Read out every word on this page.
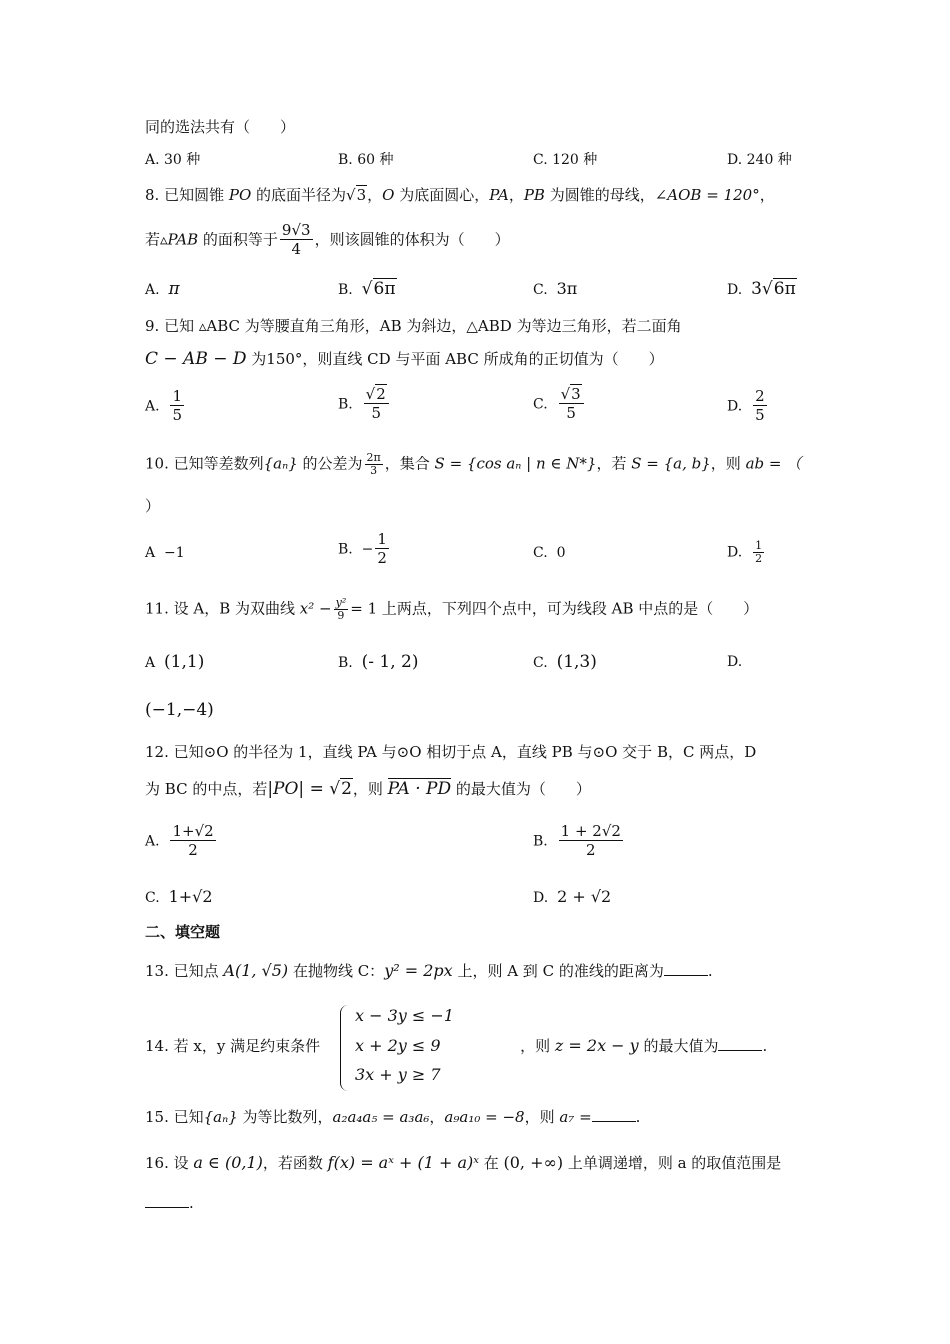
同的选法共有（　　）
A. 30 种	B. 60 种	C. 120 种	D. 240 种
8. 已知圆锥 PO 的底面半径为√3，O 为底面圆心，PA，PB 为圆锥的母线，∠AOB = 120°，
若▵PAB 的面积等于 $\frac{9√3}{4}$ ，则该圆锥的体积为（　　）
A. π	B. √6π	C. 3π	D. 3√6π
9. 已知 ▵ABC 为等腰直角三角形，AB 为斜边，△ABD 为等边三角形，若二面角
C − AB − D 为150°，则直线 CD 与平面 ABC 所成角的正切值为（　　）
A. $\frac{1}{5}$	B. $\frac{√2}{5}$	C. $\frac{√3}{5}$	D. $\frac{2}{5}$
10. 已知等差数列{aₙ} 的公差为 $\frac{2\pi}{3}$ ，集合 S = {cos aₙ | n ∈ N*}，若 S = {a, b}，则 ab = （
）
A −1	B. − $\frac{1}{2}$	C. 0	D. $\frac{1}{2}$
11. 设 A，B 为双曲线 $x^2 - \frac{\text{y²}}{9} = 1$ 上两点，下列四个点中，可为线段 AB 中点的是（　　）
A (1,1)	B. (- 1, 2)	C. (1,3)	D.
(−1,−4)
12. 已知⊙O 的半径为 1，直线 PA 与⊙O 相切于点 A，直线 PB 与⊙O 交于 B，C 两点，D
为 BC 的中点，若|PO| = √2，则 PA · PD 的最大值为（　　）
A. $\frac{1+√2}{2}$	B. $\frac{1 + 2√2}{2}$
C. 1+√2	D. 2 + √2
二、填空题
13. 已知点 A(1, √5) 在抛物线 C：y² = 2px 上，则 A 到 C 的准线的距离为	.
14. 若 x，y 满足约束条件	，则 z = 2x − y 的最大值为	.
x − 3y ≤ −1
x + 2y ≤ 9
3x + y ≥ 7
15. 已知{aₙ} 为等比数列，a₂a₄a₅ = a₃a₆，a₉a₁₀ = −8，则 a₇ =	.
16. 设 a ∈ (0,1)，若函数 f(x) = aˣ + (1 + a)ˣ 在 (0, +∞) 上单调递增，则 a 的取值范围是
.
